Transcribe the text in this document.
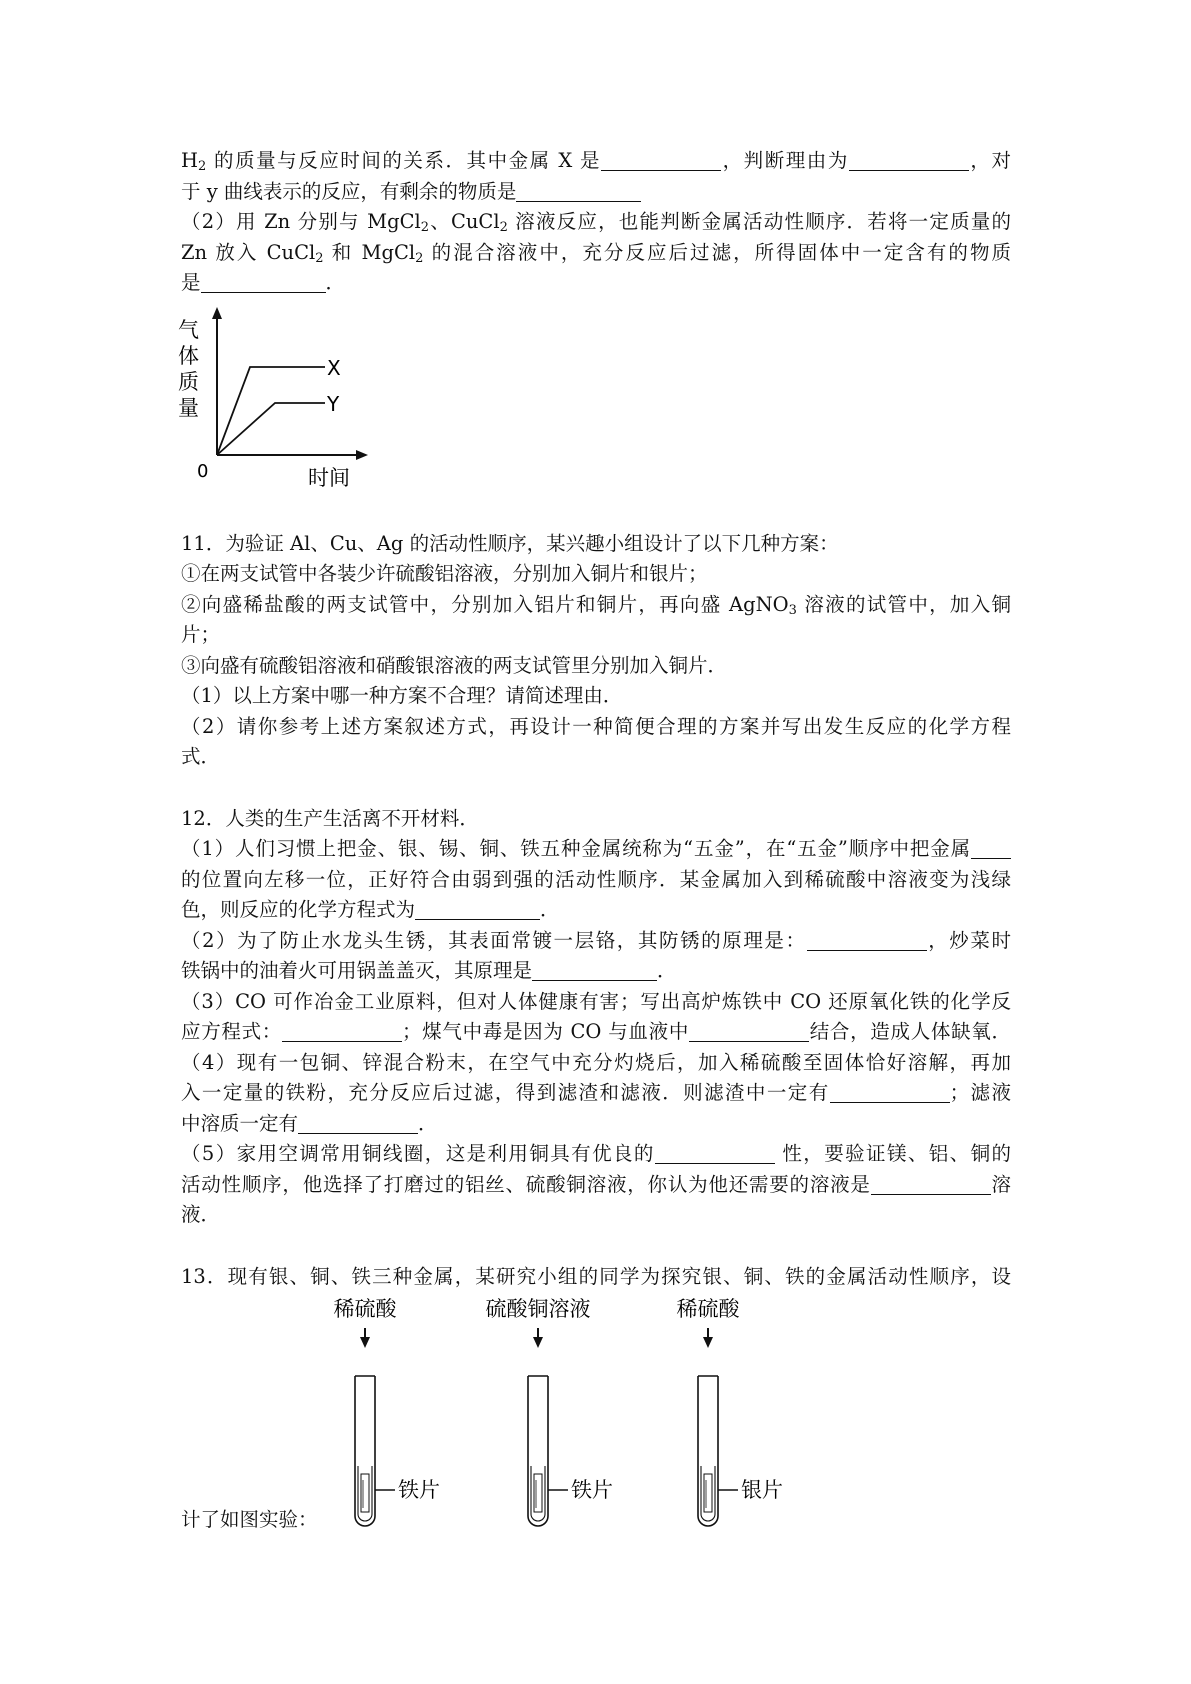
$H_2$ 的质量与反应时间的关系．其中金属 X 是	，判断理由为	，对
于 y 曲线表示的反应，有剩余的物质是
（2）用 Zn 分别与 MgCl$_2$、CuCl$_2$ 溶液反应，也能判断金属活动性顺序．若将一定质量的
Zn 放入 CuCl$_2$ 和 MgCl$_2$ 的混合溶液中，充分反应后过滤，所得固体中一定含有的物质
是	．
气
体
质
量
0	时间
X
Y
11．为验证 Al、Cu、Ag 的活动性顺序，某兴趣小组设计了以下几种方案：
①在两支试管中各装少许硫酸铝溶液，分别加入铜片和银片；
②向盛稀盐酸的两支试管中，分别加入铝片和铜片，再向盛 AgNO$_3$ 溶液的试管中，加入铜
片；
③向盛有硫酸铝溶液和硝酸银溶液的两支试管里分别加入铜片．
（1）以上方案中哪一种方案不合理？请简述理由．
（2）请你参考上述方案叙述方式，再设计一种简便合理的方案并写出发生反应的化学方程
式．
12．人类的生产生活离不开材料．
（1）人们习惯上把金、银、锡、铜、铁五种金属统称为“五金”，在“五金”顺序中把金属
的位置向左移一位，正好符合由弱到强的活动性顺序．某金属加入到稀硫酸中溶液变为浅绿
色，则反应的化学方程式为	．
（2）为了防止水龙头生锈，其表面常镀一层铬，其防锈的原理是：	，炒菜时
铁锅中的油着火可用锅盖盖灭，其原理是	．
（3）CO 可作冶金工业原料，但对人体健康有害；写出高炉炼铁中 CO 还原氧化铁的化学反
应方程式：	；煤气中毒是因为 CO 与血液中	结合，造成人体缺氧．
（4）现有一包铜、锌混合粉末，在空气中充分灼烧后，加入稀硫酸至固体恰好溶解，再加
入一定量的铁粉，充分反应后过滤，得到滤渣和滤液．则滤渣中一定有	；滤液
中溶质一定有	．
（5）家用空调常用铜线圈，这是利用铜具有优良的	性，要验证镁、铝、铜的
活动性顺序，他选择了打磨过的铝丝、硫酸铜溶液，你认为他还需要的溶液是	溶
液．
13．现有银、铜、铁三种金属，某研究小组的同学为探究银、铜、铁的金属活动性顺序，设
计了如图实验：
稀硫酸
铁片
硫酸铜溶液
铁片
稀硫酸
银片
